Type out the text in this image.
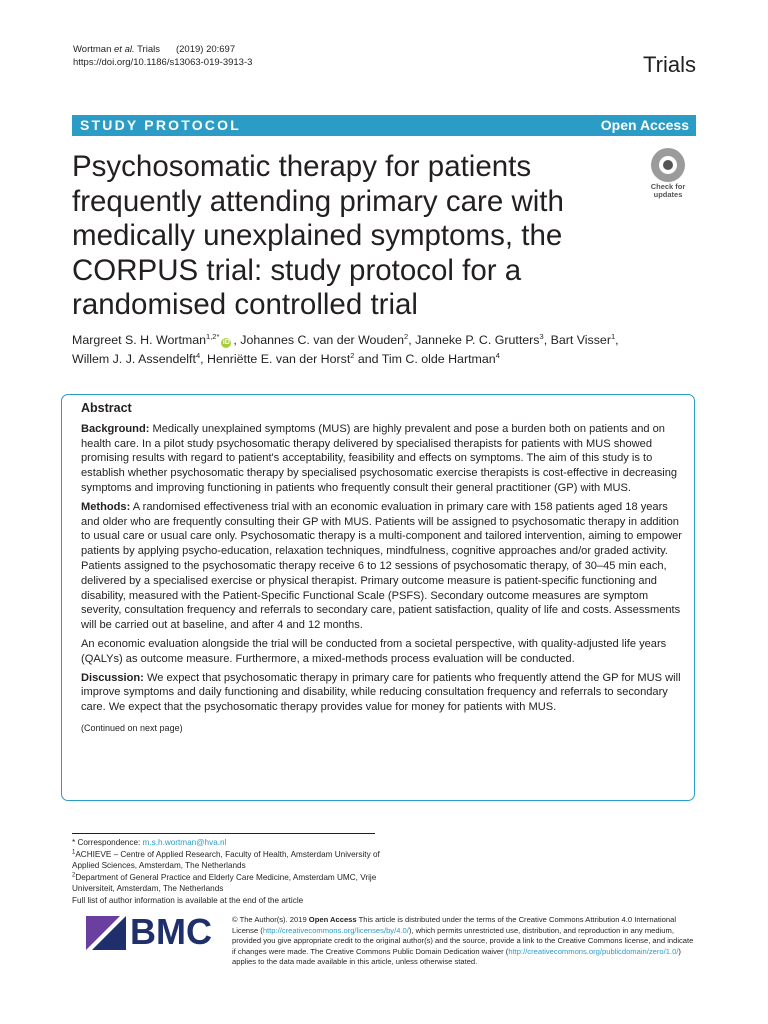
Wortman et al. Trials (2019) 20:697
https://doi.org/10.1186/s13063-019-3913-3	Trials
STUDY PROTOCOL	Open Access
Psychosomatic therapy for patients frequently attending primary care with medically unexplained symptoms, the CORPUS trial: study protocol for a randomised controlled trial
Check for
updates
Margreet S. H. Wortman$^{1,2*}$iD , Johannes C. van der Wouden$^2$, Janneke P. C. Grutters$^3$, Bart Visser$^1$,
Willem J. J. Assendelft$^4$, Henriëtte E. van der Horst$^2$ and Tim C. olde Hartman$^4$
Abstract

Background: Medically unexplained symptoms (MUS) are highly prevalent and pose a burden both on patients and on health care. In a pilot study psychosomatic therapy delivered by specialised therapists for patients with MUS showed promising results with regard to patient's acceptability, feasibility and effects on symptoms. The aim of this study is to establish whether psychosomatic therapy by specialised psychosomatic exercise therapists is cost-effective in decreasing symptoms and improving functioning in patients who frequently consult their general practitioner (GP) with MUS.

Methods: A randomised effectiveness trial with an economic evaluation in primary care with 158 patients aged 18 years and older who are frequently consulting their GP with MUS. Patients will be assigned to psychosomatic therapy in addition to usual care or usual care only. Psychosomatic therapy is a multi-component and tailored intervention, aiming to empower patients by applying psycho-education, relaxation techniques, mindfulness, cognitive approaches and/or graded activity. Patients assigned to the psychosomatic therapy receive 6 to 12 sessions of psychosomatic therapy, of 30–45 min each, delivered by a specialised exercise or physical therapist. Primary outcome measure is patient-specific functioning and disability, measured with the Patient-Specific Functional Scale (PSFS). Secondary outcome measures are symptom severity, consultation frequency and referrals to secondary care, patient satisfaction, quality of life and costs. Assessments will be carried out at baseline, and after 4 and 12 months.

An economic evaluation alongside the trial will be conducted from a societal perspective, with quality-adjusted life years (QALYs) as outcome measure. Furthermore, a mixed-methods process evaluation will be conducted.

Discussion: We expect that psychosomatic therapy in primary care for patients who frequently attend the GP for MUS will improve symptoms and daily functioning and disability, while reducing consultation frequency and referrals to secondary care. We expect that the psychosomatic therapy provides value for money for patients with MUS.

(Continued on next page)
* Correspondence: m.s.h.wortman@hva.nl
$^1$ACHIEVE – Centre of Applied Research, Faculty of Health, Amsterdam University of Applied Sciences, Amsterdam, The Netherlands
$^2$Department of General Practice and Elderly Care Medicine, Amsterdam UMC, Vrije Universiteit, Amsterdam, The Netherlands
Full list of author information is available at the end of the article
BMC	© The Author(s). 2019 Open Access This article is distributed under the terms of the Creative Commons Attribution 4.0 International License (http://creativecommons.org/licenses/by/4.0/), which permits unrestricted use, distribution, and reproduction in any medium, provided you give appropriate credit to the original author(s) and the source, provide a link to the Creative Commons license, and indicate if changes were made. The Creative Commons Public Domain Dedication waiver (http://creativecommons.org/publicdomain/zero/1.0/) applies to the data made available in this article, unless otherwise stated.
